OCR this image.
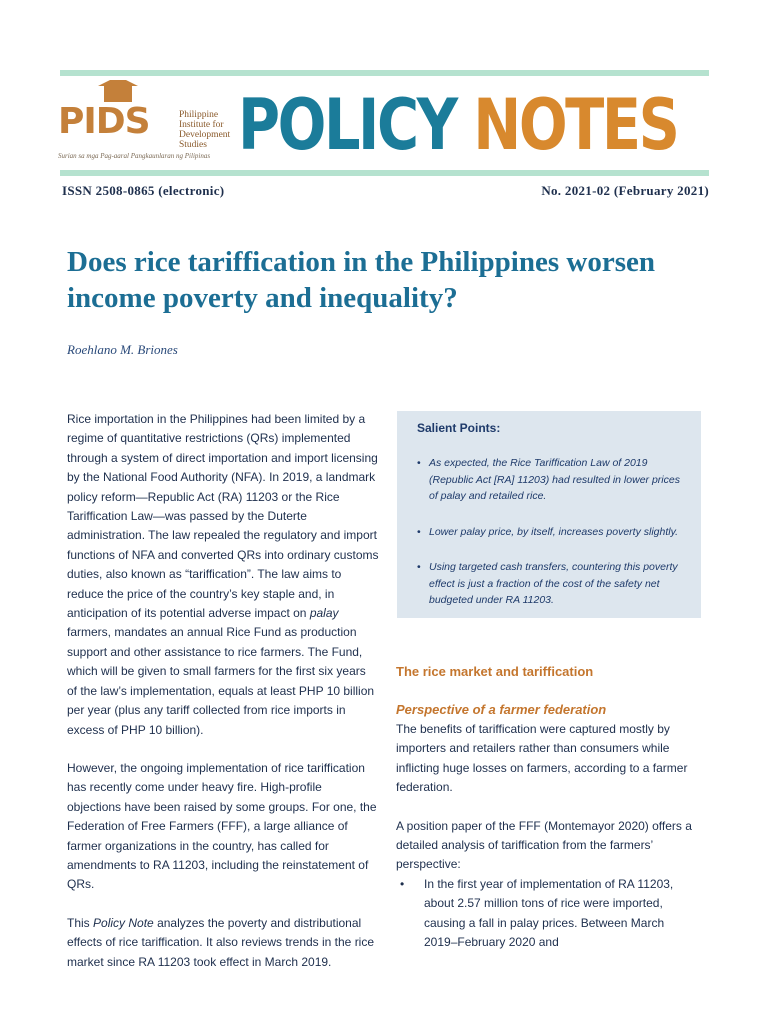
PIDS	Philippine Institute for Development Studies
Surian sa mga Pag-aaral Pangkaunlaran ng Pilipinas POLICY NOTES
ISSN 2508-0865 (electronic)	No. 2021-02 (February 2021)
Does rice tariffication in the Philippines worsen income poverty and inequality?
Roehlano M. Briones

Rice importation in the Philippines had been limited by a regime of quantitative restrictions (QRs) implemented through a system of direct importation and import licensing by the National Food Authority (NFA). In 2019, a landmark policy reform—Republic Act (RA) 11203 or the Rice Tariffication Law—was passed by the Duterte administration. The law repealed the regulatory and import functions of NFA and converted QRs into ordinary customs duties, also known as “tariffication”. The law aims to reduce the price of the country’s key staple and, in anticipation of its potential adverse impact on palay farmers, mandates an annual Rice Fund as production support and other assistance to rice farmers. The Fund, which will be given to small farmers for the first six years of the law’s implementation, equals at least PHP 10 billion per year (plus any tariff collected from rice imports in excess of PHP 10 billion).

However, the ongoing implementation of rice tariffication has recently come under heavy fire. High-profile objections have been raised by some groups. For one, the Federation of Free Farmers (FFF), a large alliance of farmer organizations in the country, has called for amendments to RA 11203, including the reinstatement of QRs.

This Policy Note analyzes the poverty and distributional effects of rice tariffication. It also reviews trends in the rice market since RA 11203 took effect in March 2019.

Salient Points:
• As expected, the Rice Tariffication Law of 2019 (Republic Act [RA] 11203) had resulted in lower prices of palay and retailed rice.
• Lower palay price, by itself, increases poverty slightly.
• Using targeted cash transfers, countering this poverty effect is just a fraction of the cost of the safety net budgeted under RA 11203.
The rice market and tariffication
Perspective of a farmer federation

The benefits of tariffication were captured mostly by importers and retailers rather than consumers while inflicting huge losses on farmers, according to a farmer federation.

A position paper of the FFF (Montemayor 2020) offers a detailed analysis of tariffication from the farmers’ perspective:

• In the first year of implementation of RA 11203, about 2.57 million tons of rice were imported, causing a fall in palay prices. Between March 2019–February 2020 and
